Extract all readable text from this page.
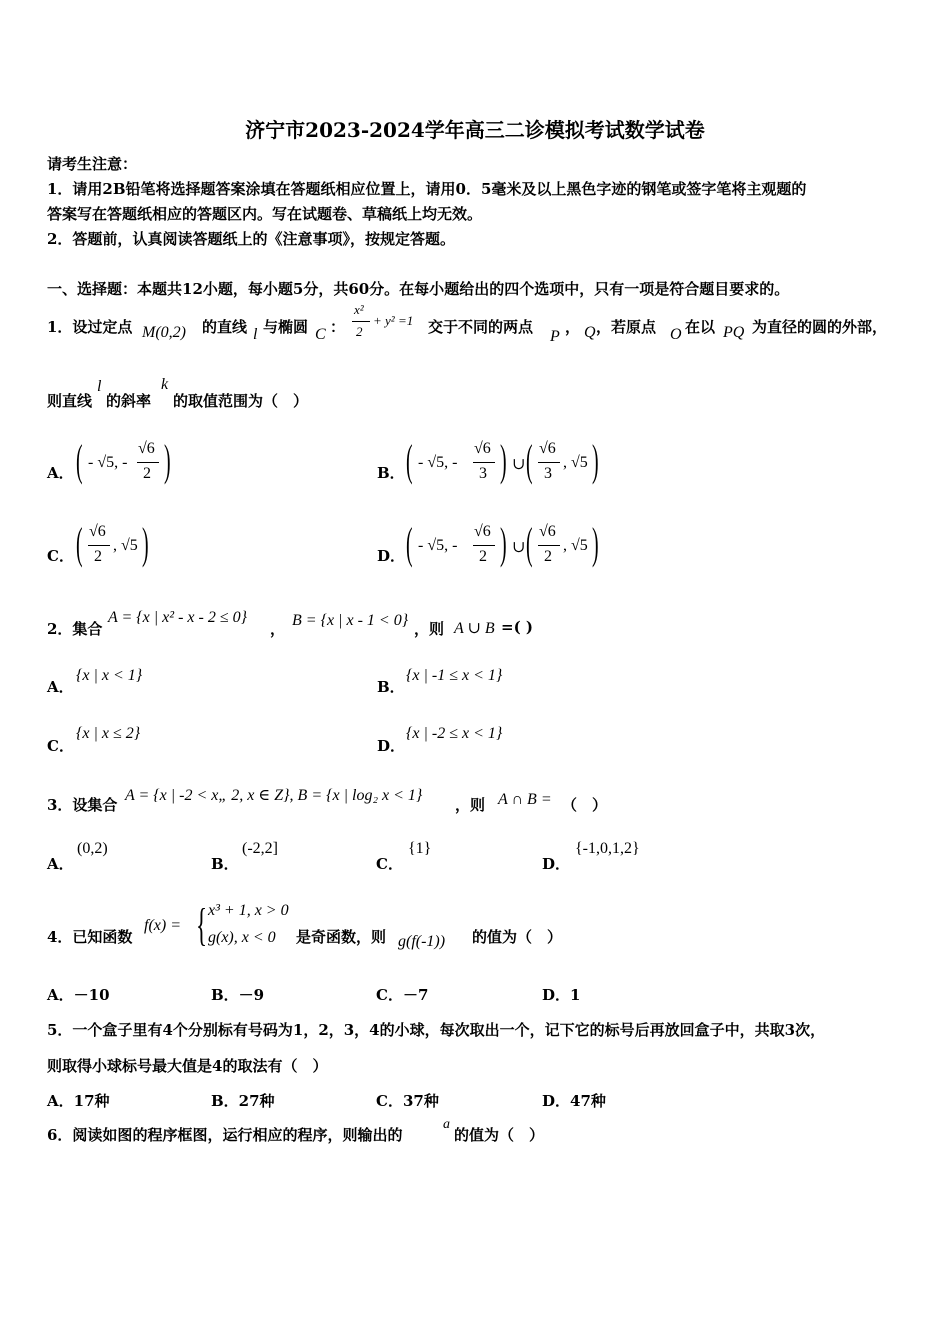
济宁市2023-2024学年高三二诊模拟考试数学试卷
请考生注意：
1．请用2B铅笔将选择题答案涂填在答题纸相应位置上，请用0．5毫米及以上黑色字迹的钢笔或签字笔将主观题的
答案写在答题纸相应的答题区内。写在试题卷、草稿纸上均无效。
2．答题前，认真阅读答题纸上的《注意事项》，按规定答题。
一、选择题：本题共12小题，每小题5分，共60分。在每小题给出的四个选项中，只有一项是符合题目要求的。
1．设过定点 M(0,2) 的直线 l 与椭圆 C ：
x²
2
+ y² =1 交于不同的两点
P
， Q ，若原点 O 在以 PQ 为直径的圆的外部，
则直线
l
的斜率
k
的取值范围为（　）
A． ( - √5, -
√6
2 )	B． ( - √5, -
√6
3 ) ∪ ( √6
3
, √5 )
C． ( √6
2
, √5 )	D． ( - √5, -
√6
2 ) ∪ ( √6
2
, √5 )
2．集合
A = {x | x² - x - 2 ≤ 0}
， B = {x | x - 1 < 0} ，则 A ∪ B =( )
A．
{x | x < 1}
B．
{x | -1 ≤ x < 1}
C．
{x | x ≤ 2}
D．
{x | -2 ≤ x < 1}
3．设集合
A = {x | -2 < x„ 2, x ∈ Z}, B = {x | log₂ x < 1}
，则 A ∩ B = （　）
A．
(0,2)
B．
(-2,2]
C．
{1}
D．
{-1,0,1,2}
4．已知函数
f(x) = { x³ + 1, x > 0
g(x), x < 0 是奇函数，则 g(f(-1)) 的值为（　）
A．－10	B．－9	C．－7	D．1
5．一个盒子里有4个分别标有号码为1，2，3，4的小球，每次取出一个，记下它的标号后再放回盒子中，共取3次，
则取得小球标号最大值是4的取法有（　）
A．17种	B．27种	C．37种	D．47种
6．阅读如图的程序框图，运行相应的程序，则输出的
a
的值为（　）
